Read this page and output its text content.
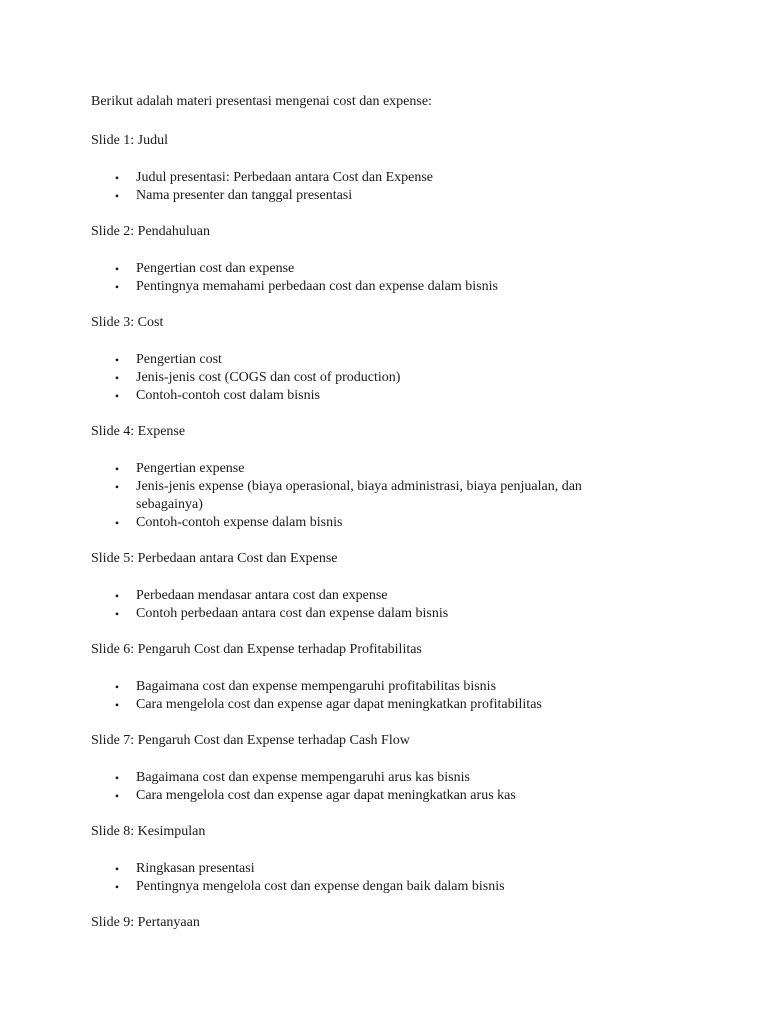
Berikut adalah materi presentasi mengenai cost dan expense:

Slide 1: Judul

• Judul presentasi: Perbedaan antara Cost dan Expense
• Nama presenter dan tanggal presentasi

Slide 2: Pendahuluan

• Pengertian cost dan expense
• Pentingnya memahami perbedaan cost dan expense dalam bisnis

Slide 3: Cost

• Pengertian cost
• Jenis-jenis cost (COGS dan cost of production)
• Contoh-contoh cost dalam bisnis

Slide 4: Expense

• Pengertian expense
• Jenis-jenis expense (biaya operasional, biaya administrasi, biaya penjualan, dan sebagainya)
• Contoh-contoh expense dalam bisnis

Slide 5: Perbedaan antara Cost dan Expense

• Perbedaan mendasar antara cost dan expense
• Contoh perbedaan antara cost dan expense dalam bisnis

Slide 6: Pengaruh Cost dan Expense terhadap Profitabilitas

• Bagaimana cost dan expense mempengaruhi profitabilitas bisnis
• Cara mengelola cost dan expense agar dapat meningkatkan profitabilitas

Slide 7: Pengaruh Cost dan Expense terhadap Cash Flow

• Bagaimana cost dan expense mempengaruhi arus kas bisnis
• Cara mengelola cost dan expense agar dapat meningkatkan arus kas

Slide 8: Kesimpulan

• Ringkasan presentasi
• Pentingnya mengelola cost dan expense dengan baik dalam bisnis

Slide 9: Pertanyaan
